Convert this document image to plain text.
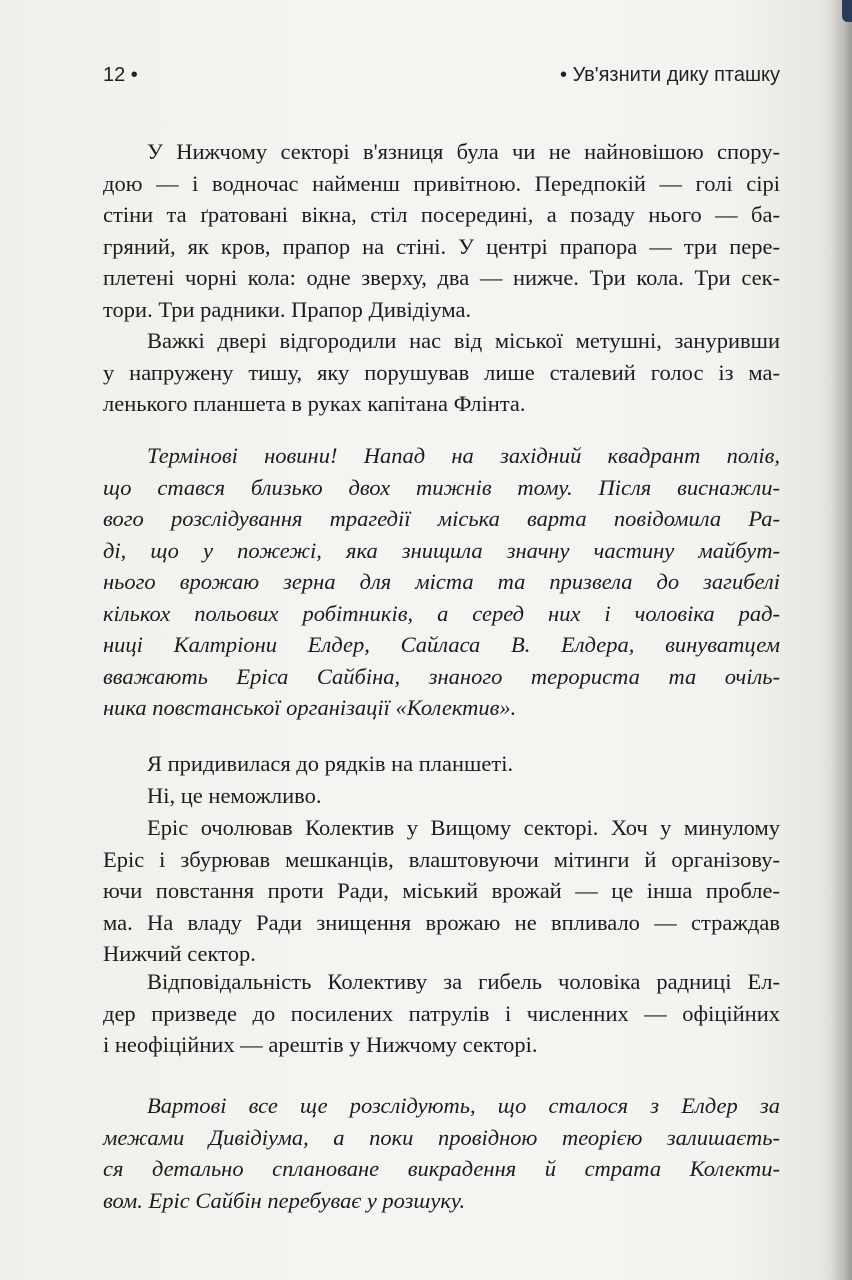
12 •	• Ув'язнити дику пташку
У Нижчому секторі в'язниця була чи не найновішою спору-
дою — і водночас найменш привітною. Передпокій — голі сірі
стіни та ґратовані вікна, стіл посередині, а позаду нього — ба-
гряний, як кров, прапор на стіні. У центрі прапора — три пере-
плетені чорні кола: одне зверху, два — нижче. Три кола. Три сек-
тори. Три радники. Прапор Дивідіума.
Важкі двері відгородили нас від міської метушні, зануривши
у напружену тишу, яку порушував лише сталевий голос із ма-
ленького планшета в руках капітана Флінта.
Термінові новини! Напад на західний квадрант полів,
що стався близько двох тижнів тому. Після виснажли-
вого розслідування трагедії міська варта повідомила Ра-
ді, що у пожежі, яка знищила значну частину майбут-
нього врожаю зерна для міста та призвела до загибелі
кількох польових робітників, а серед них і чоловіка рад-
ниці Калтріони Елдер, Сайласа В. Елдера, винуватцем
вважають Еріса Сайбіна, знаного терориста та очіль-
ника повстанської організації «Колектив».
Я придивилася до рядків на планшеті.
Ні, це неможливо.
Еріс очолював Колектив у Вищому секторі. Хоч у минулому
Еріс і збурював мешканців, влаштовуючи мітинги й організову-
ючи повстання проти Ради, міський врожай — це інша пробле-
ма. На владу Ради знищення врожаю не впливало — страждав
Нижчий сектор.
Відповідальність Колективу за гибель чоловіка радниці Ел-
дер призведе до посилених патрулів і численних — офіційних
і неофіційних — арештів у Нижчому секторі.
Вартові все ще розслідують, що сталося з Елдер за
межами Дивідіума, а поки провідною теорією залишаєть-
ся детально сплановане викрадення й страта Колекти-
вом. Еріс Сайбін перебуває у розшуку.
